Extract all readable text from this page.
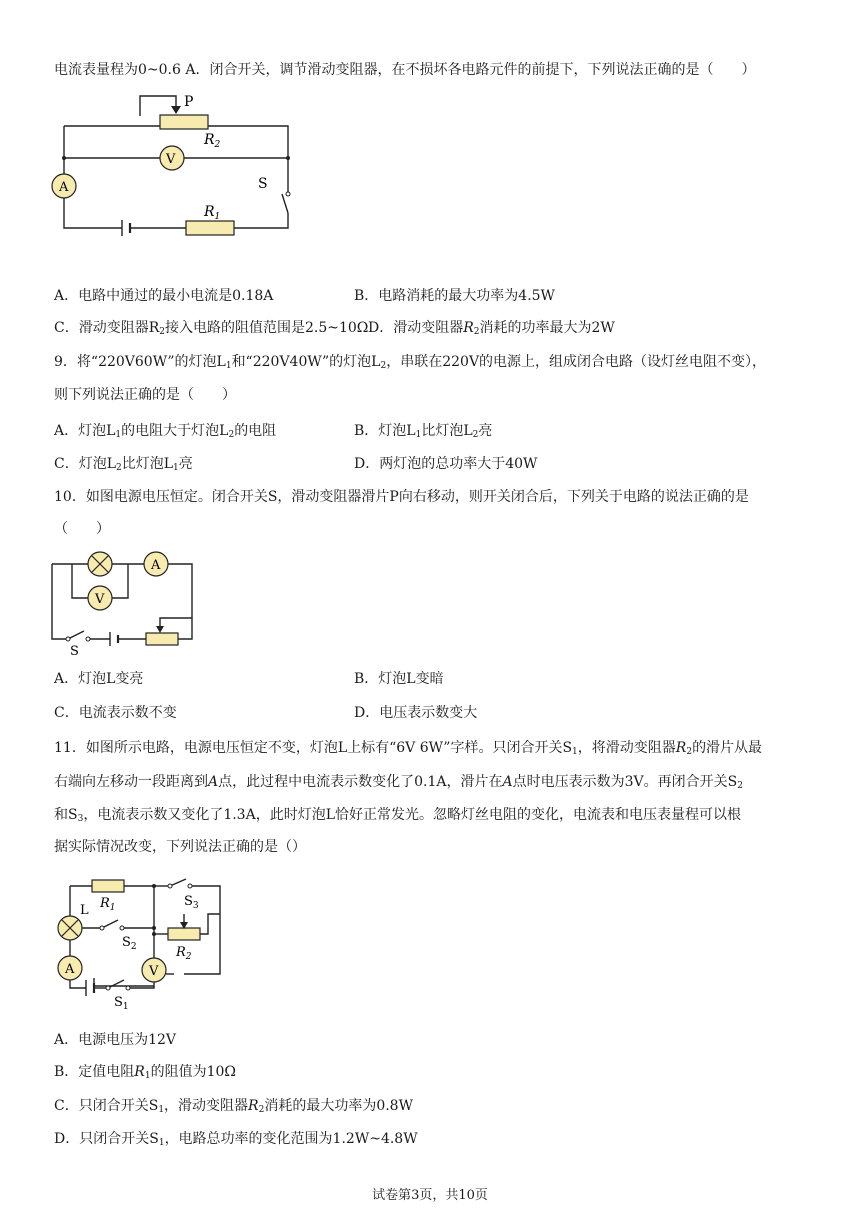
电流表量程为0~0.6 A．闭合开关，调节滑动变阻器，在不损坏各电路元件的前提下，下列说法正确的是（　　）
P
$R_2$
V
A	S
$R_1$
A．电路中通过的最小电流是0.18A	B．电路消耗的最大功率为4.5W
C．滑动变阻器$R_2$接入电路的阻值范围是2.5~10Ω D．滑动变阻器$R_2$消耗的功率最大为2W
9．将“220V60W”的灯泡$L_1$和“220V40W”的灯泡$L_2$，串联在220V的电源上，组成闭合电路（设灯丝电阻不变），
则下列说法正确的是（　　）
A．灯泡$L_1$的电阻大于灯泡$L_2$的电阻	B．灯泡$L_1$比灯泡$L_2$亮
C．灯泡$L_2$比灯泡$L_1$亮	D．两灯泡的总功率大于40W
10．如图电源电压恒定。闭合开关S，滑动变阻器滑片P向右移动，则开关闭合后，下列关于电路的说法正确的是
（　　）
A
V
S
A．灯泡L变亮	B．灯泡L变暗
C．电流表示数不变	D．电压表示数变大
11．如图所示电路，电源电压恒定不变，灯泡L上标有“6V 6W”字样。只闭合开关$S_1$，将滑动变阻器$R_2$的滑片从最
右端向左移动一段距离到A点，此过程中电流表示数变化了0.1A，滑片在A点时电压表示数为3V。再闭合开关$S_2$
和$S_3$，电流表示数又变化了1.3A，此时灯泡L恰好正常发光。忽略灯丝电阻的变化，电流表和电压表量程可以根
据实际情况改变，下列说法正确的是（）
$R_1$
L
$S_3$
$S_2$	$R_2$
V
A
$S_1$
A．电源电压为12V
B．定值电阻$R_1$的阻值为10Ω
C．只闭合开关$S_1$，滑动变阻器$R_2$消耗的最大功率为0.8W
D．只闭合开关$S_1$，电路总功率的变化范围为1.2W~4.8W
试卷第3页，共10页
